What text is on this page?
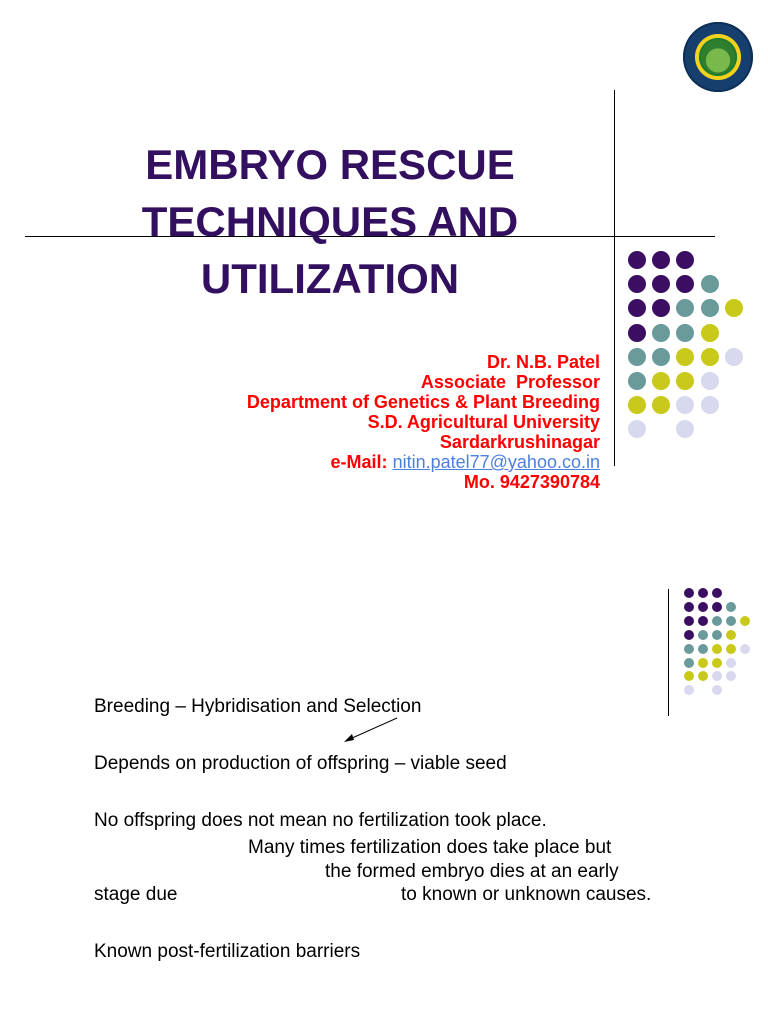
EMBRYO RESCUE
TECHNIQUES AND
UTILIZATION
Dr. N.B. Patel
Associate  Professor
Department of Genetics & Plant Breeding
S.D. Agricultural University
Sardarkrushinagar
e-Mail: nitin.patel77@yahoo.co.in
Mo. 9427390784
Breeding – Hybridisation and Selection
Depends on production of offspring – viable seed
No offspring does not mean no fertilization took place.
Many times fertilization does take place but
the formed embryo dies at an early
stage due	to known or unknown causes.
Known post-fertilization barriers
